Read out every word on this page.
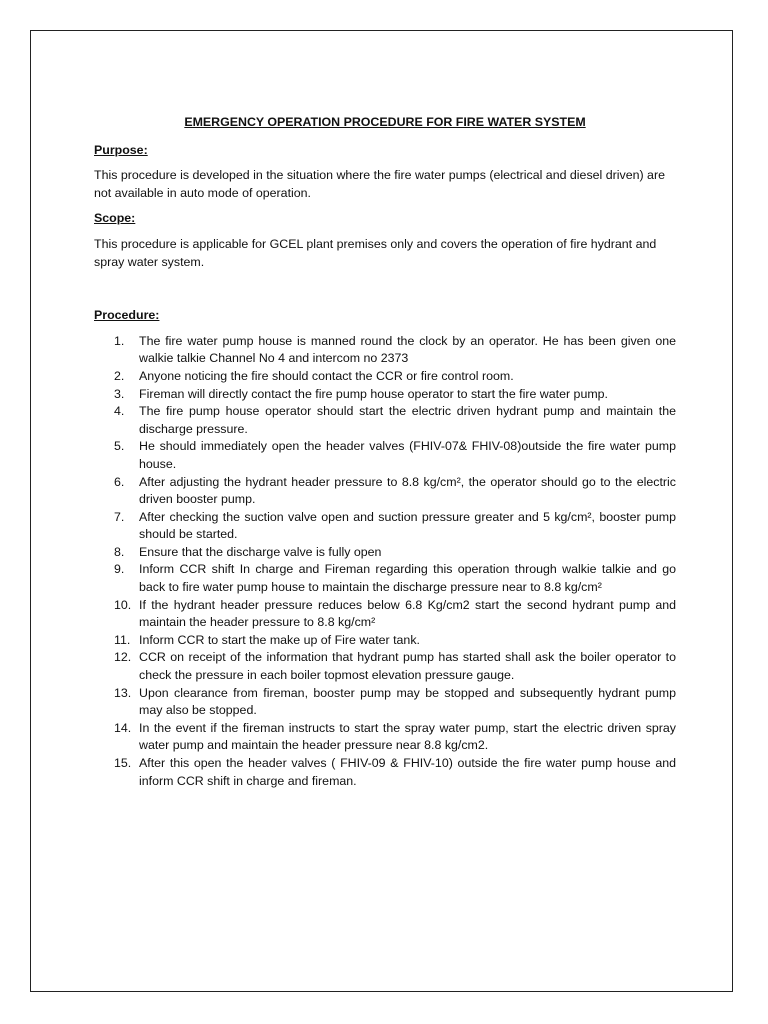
EMERGENCY OPERATION PROCEDURE FOR FIRE WATER SYSTEM
Purpose:
This procedure is developed in the situation where the fire water pumps (electrical and diesel driven) are not available in auto mode of operation.
Scope:
This procedure is applicable for GCEL plant premises only and covers the operation of fire hydrant and spray water system.
Procedure:
1.	The fire water pump house is manned round the clock by an operator. He has been given one walkie talkie Channel No 4 and intercom no 2373
2.	Anyone noticing the fire should contact the CCR or fire control room.
3.	Fireman will directly contact the fire pump house operator to start the fire water pump.
4.	The fire pump house operator should start the electric driven hydrant pump and maintain the discharge pressure.
5.	He should immediately open the header valves (FHIV-07& FHIV-08)outside the fire water pump house.
6.	After adjusting the hydrant header pressure to 8.8 kg/cm², the operator should go to the electric driven booster pump.
7.	After checking the suction valve open and suction pressure greater and 5 kg/cm², booster pump should be started.
8.	Ensure that the discharge valve is fully open
9.	Inform CCR shift In charge and Fireman regarding this operation through walkie talkie and go back to fire water pump house to maintain the discharge pressure near to 8.8 kg/cm²
10. If the hydrant header pressure reduces below 6.8 Kg/cm2 start the second hydrant pump and maintain the header pressure to 8.8 kg/cm²
11. Inform CCR to start the make up of Fire water tank.
12. CCR on receipt of the information that hydrant pump has started shall ask the boiler operator to check the pressure in each boiler topmost elevation pressure gauge.
13. Upon clearance from fireman, booster pump may be stopped and subsequently hydrant pump may also be stopped.
14. In the event if the fireman instructs to start the spray water pump, start the electric driven spray water pump and maintain the header pressure near 8.8 kg/cm2.
15. After this open the header valves ( FHIV-09 & FHIV-10) outside the fire water pump house and inform CCR shift in charge and fireman.
